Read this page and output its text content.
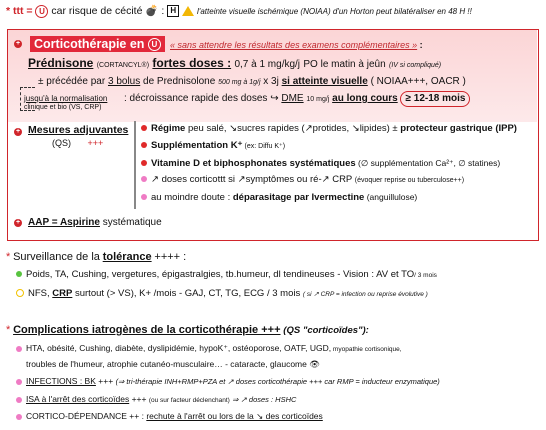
* ttt = U car risque de cécité 💣 : H	l'atteinte visuelle ischémique (NOIAA) d'un Horton peut bilatéraliser en 48 H !!
+	Corticothérapie en U	« sans attendre les résultats des examens complémentaires » :
Prédnisone (CORTANCYL®) fortes doses : 0,7 à 1 mg/kg/j PO le matin à jeûn (IV si compliqué)
± précédée par 3 bolus de Prednisolone 500 mg à 1g/j x 3j si atteinte visuelle ( NOIAA+++, OACR )
jusqu'à la normalisation
clinique et bio (VS, CRP)
: décroissance rapide des doses ↪ DME 10 mg/j au long cours ≥ 12-18 mois
+ Mesures adjuvantes
(QS) +++
Régime peu salé, ↘sucres rapides (↗protides, ↘lipides) ± protecteur gastrique (IPP)
Supplémentation K⁺ (ex: Diffu K⁺)
Vitamine D et biphosphonates systématiques (∅ supplémentation Ca²⁺, ∅ statines)
↗ doses corticottt si ↗symptômes ou ré-↗ CRP (évoquer reprise ou tuberculose++)
au moindre doute : déparasitage par Ivermectine (anguillulose)
+ AAP = Aspirine systématique
* Surveillance de la tolérance ++++ :
Poids, TA, Cushing, vergetures, épigastralgies, tb.humeur, dl tendineuses - Vision : AV et TO/ 3 mois
NFS, CRP surtout (> VS), K+ /mois - GAJ, CT, TG, ECG / 3 mois ( si ↗ CRP = infection ou reprise évolutive )
* Complications iatrogènes de la corticothérapie +++ (QS "corticoïdes"):
HTA, obésité, Cushing, diabète, dyslipidémie, hypoK⁺, ostéoporose, OATF, UGD, myopathie cortisonique,
troubles de l'humeur, atrophie cutanéo-musculaire… - cataracte, glaucome 👁
INFECTIONS : BK +++ (⇒ tri-thérapie INH+RMP+PZA et ↗ doses corticothérapie +++ car RMP = inducteur enzymatique)
ISA à l'arrêt des corticoïdes +++ (ou sur facteur déclenchant) ⇒ ↗ doses : HSHC
CORTICO-DÉPENDANCE ++ : rechute à l'arrêt ou lors de la ↘ des corticoïdes
